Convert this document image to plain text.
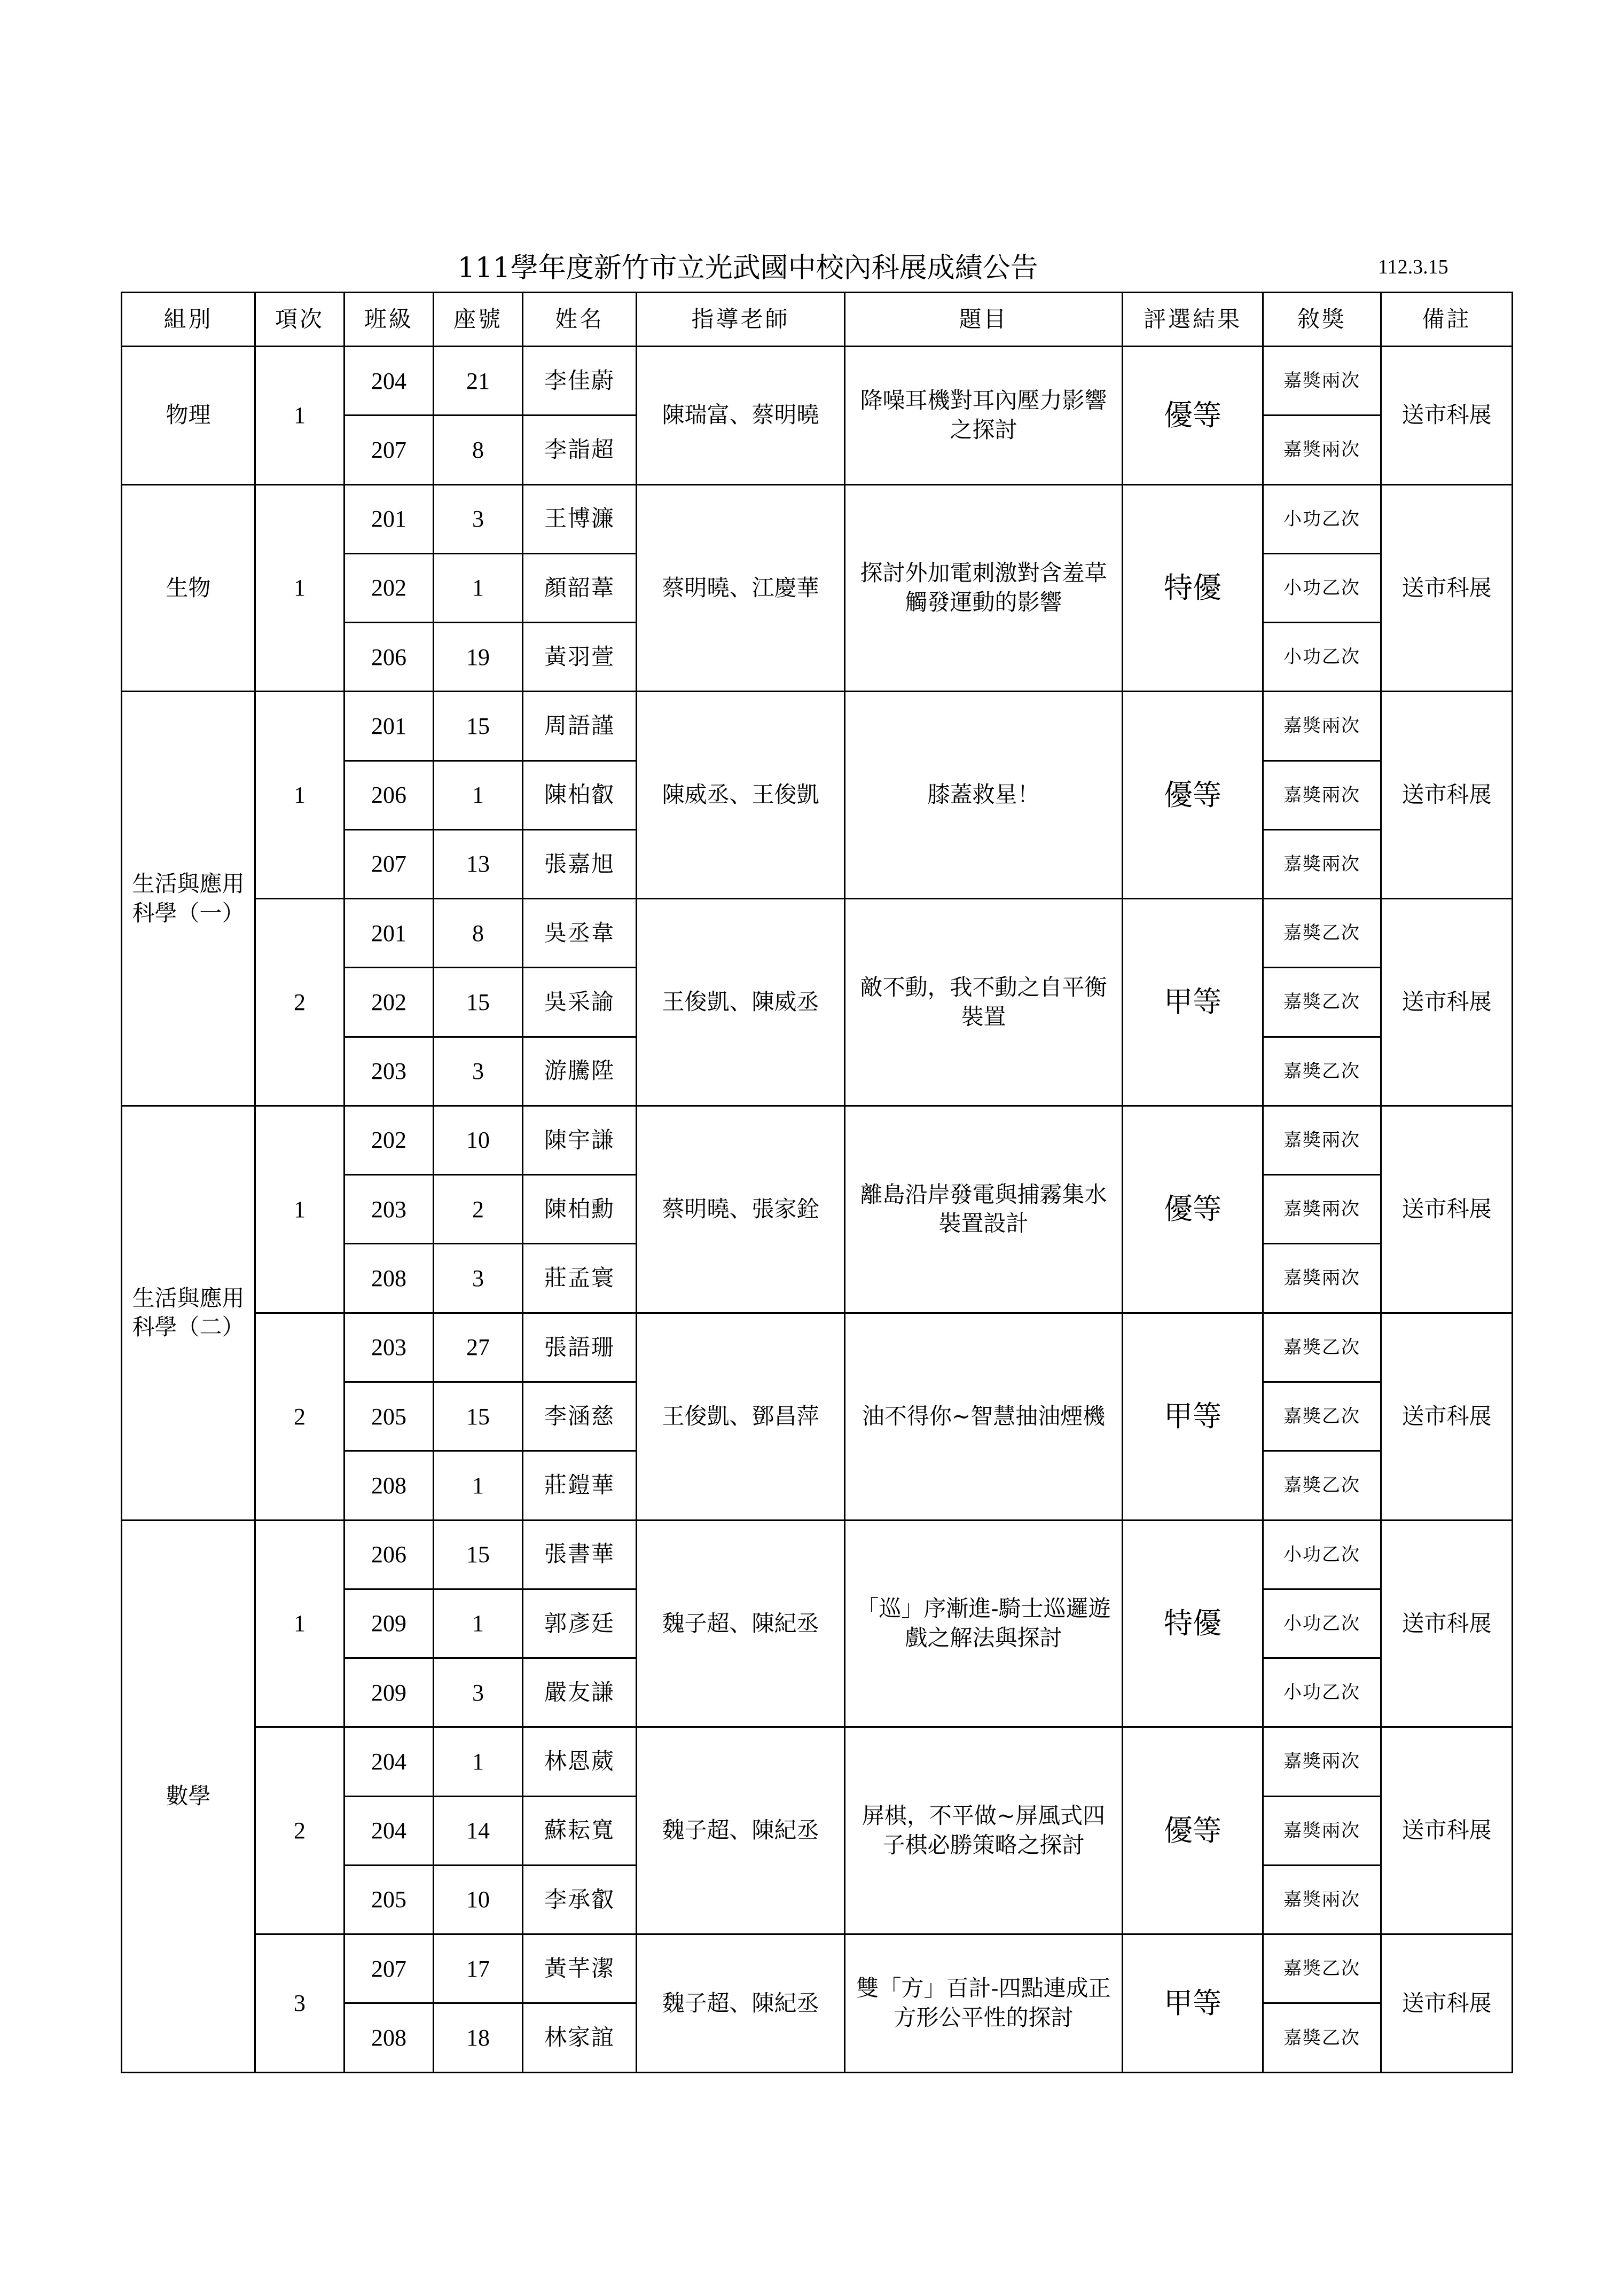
111學年度新竹市立光武國中校內科展成績公告	112.3.15
組別	項次	班級	座號	姓名	指導老師	題目	評選結果	敘獎	備註
物理	1	204	21	李佳蔚	陳瑞富、蔡明曉	降噪耳機對耳內壓力影響之探討	優等	嘉獎兩次	送市科展
		207	8	李詣超				嘉獎兩次	
生物	1	201	3	王博濂	蔡明曉、江慶華	探討外加電刺激對含羞草觸發運動的影響	特優	小功乙次	送市科展
		202	1	顏韶葦				小功乙次	
		206	19	黃羽萱				小功乙次	
生活與應用科學（一）	1	201	15	周語謹	陳威丞、王俊凱	膝蓋救星！	優等	嘉獎兩次	送市科展
		206	1	陳柏叡				嘉獎兩次	
		207	13	張嘉旭				嘉獎兩次	
	2	201	8	吳丞韋	王俊凱、陳威丞	敵不動，我不動之自平衡裝置	甲等	嘉獎乙次	送市科展
		202	15	吳采諭				嘉獎乙次	
		203	3	游騰陞				嘉獎乙次	
生活與應用科學（二）	1	202	10	陳宇謙	蔡明曉、張家銓	離島沿岸發電與捕霧集水裝置設計	優等	嘉獎兩次	送市科展
		203	2	陳柏勳				嘉獎兩次	
		208	3	莊孟寰				嘉獎兩次	
	2	203	27	張語珊	王俊凱、鄧昌萍	油不得你~智慧抽油煙機	甲等	嘉獎乙次	送市科展
		205	15	李涵慈				嘉獎乙次	
		208	1	莊鎧華				嘉獎乙次	
數學	1	206	15	張書華	魏子超、陳紀丞	「巡」序漸進-騎士巡邏遊戲之解法與探討	特優	小功乙次	送市科展
		209	1	郭彥廷				小功乙次	
		209	3	嚴友謙				小功乙次	
	2	204	1	林恩葳	魏子超、陳紀丞	屏棋，不平做~屏風式四子棋必勝策略之探討	優等	嘉獎兩次	送市科展
		204	14	蘇耘寬				嘉獎兩次	
		205	10	李承叡				嘉獎兩次	
	3	207	17	黃芊潔	魏子超、陳紀丞	雙「方」百計-四點連成正方形公平性的探討	甲等	嘉獎乙次	送市科展
		208	18	林家誼				嘉獎乙次	
